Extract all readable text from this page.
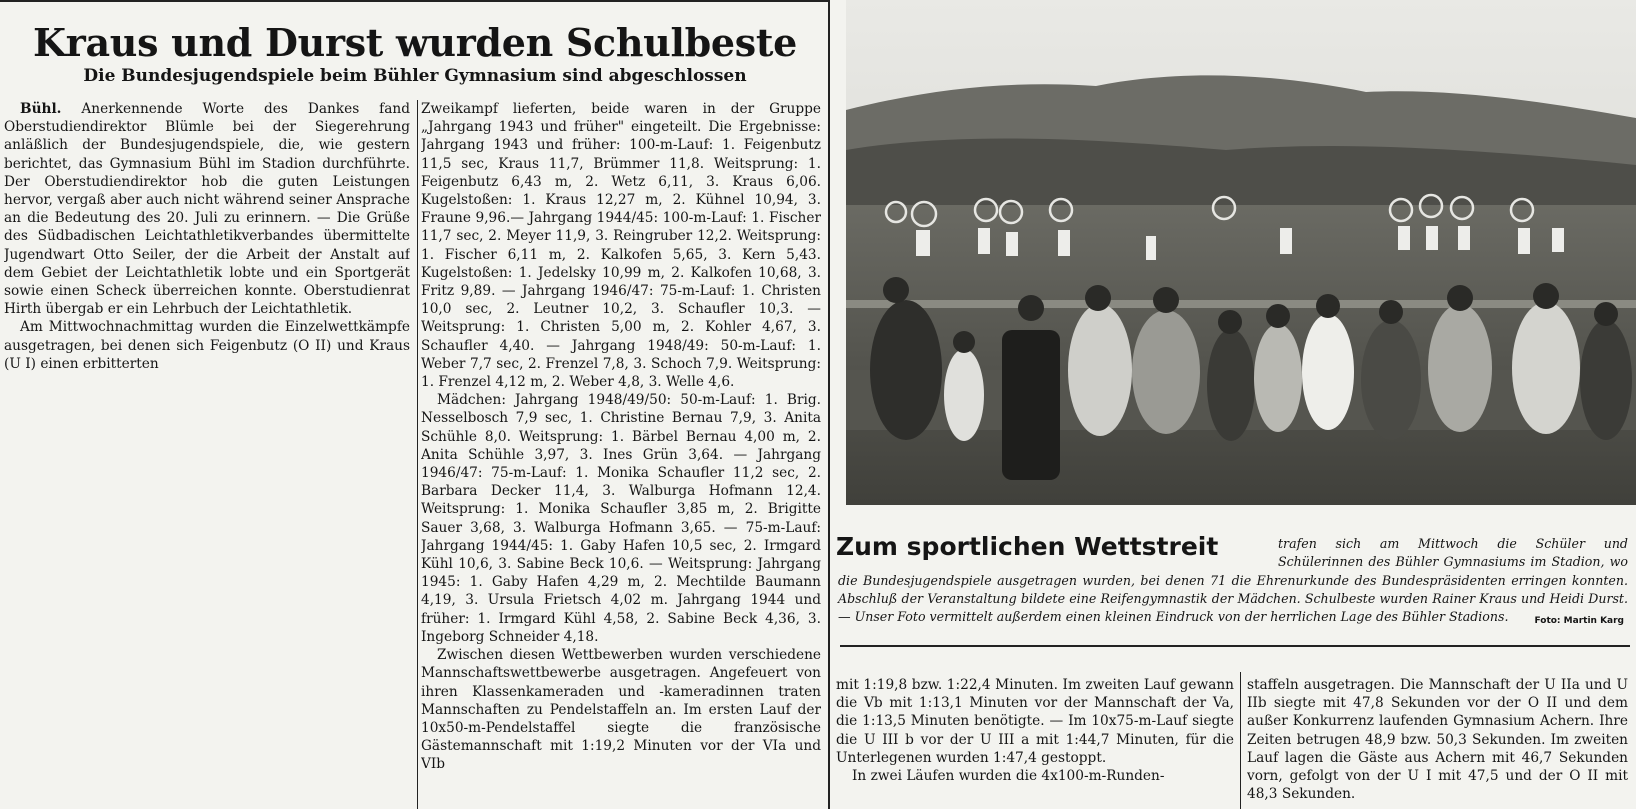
Kraus und Durst wurden Schulbeste
Die Bundesjugendspiele beim Bühler Gymnasium sind abgeschlossen

Bühl. Anerkennende Worte des Dankes fand Oberstudiendirektor Blümle bei der Siegerehrung anläßlich der Bundesjugendspiele, die, wie gestern berichtet, das Gymnasium Bühl im Stadion durchführte. Der Oberstudiendirektor hob die guten Leistungen hervor, vergaß aber auch nicht während seiner Ansprache an die Bedeutung des 20. Juli zu erinnern. — Die Grüße des Südbadischen Leichtathletikverbandes übermittelte Jugendwart Otto Seiler, der die Arbeit der Anstalt auf dem Gebiet der Leichtathletik lobte und ein Sportgerät sowie einen Scheck überreichen konnte. Oberstudienrat Hirth übergab er ein Lehrbuch der Leichtathletik.

Am Mittwochnachmittag wurden die Einzelwettkämpfe ausgetragen, bei denen sich Feigenbutz (O II) und Kraus (U I) einen erbitterten

Zweikampf lieferten, beide waren in der Gruppe „Jahrgang 1943 und früher" eingeteilt. Die Ergebnisse: Jahrgang 1943 und früher: 100-m-Lauf: 1. Feigenbutz 11,5 sec, Kraus 11,7, Brümmer 11,8. Weitsprung: 1. Feigenbutz 6,43 m, 2. Wetz 6,11, 3. Kraus 6,06. Kugelstoßen: 1. Kraus 12,27 m, 2. Kühnel 10,94, 3. Fraune 9,96.— Jahrgang 1944/45: 100-m-Lauf: 1. Fischer 11,7 sec, 2. Meyer 11,9, 3. Reingruber 12,2. Weitsprung: 1. Fischer 6,11 m, 2. Kalkofen 5,65, 3. Kern 5,43. Kugelstoßen: 1. Jedelsky 10,99 m, 2. Kalkofen 10,68, 3. Fritz 9,89. — Jahrgang 1946/47: 75-m-Lauf: 1. Christen 10,0 sec, 2. Leutner 10,2, 3. Schaufler 10,3. — Weitsprung: 1. Christen 5,00 m, 2. Kohler 4,67, 3. Schaufler 4,40. — Jahrgang 1948/49: 50-m-Lauf: 1. Weber 7,7 sec, 2. Frenzel 7,8, 3. Schoch 7,9. Weitsprung: 1. Frenzel 4,12 m, 2. Weber 4,8, 3. Welle 4,6.

Mädchen: Jahrgang 1948/49/50: 50-m-Lauf: 1. Brig. Nesselbosch 7,9 sec, 1. Christine Bernau 7,9, 3. Anita Schühle 8,0. Weitsprung: 1. Bärbel Bernau 4,00 m, 2. Anita Schühle 3,97, 3. Ines Grün 3,64. — Jahrgang 1946/47: 75-m-Lauf: 1. Monika Schaufler 11,2 sec, 2. Barbara Decker 11,4, 3. Walburga Hofmann 12,4. Weitsprung: 1. Monika Schaufler 3,85 m, 2. Brigitte Sauer 3,68, 3. Walburga Hofmann 3,65. — 75-m-Lauf: Jahrgang 1944/45: 1. Gaby Hafen 10,5 sec, 2. Irmgard Kühl 10,6, 3. Sabine Beck 10,6. — Weitsprung: Jahrgang 1945: 1. Gaby Hafen 4,29 m, 2. Mechtilde Baumann 4,19, 3. Ursula Frietsch 4,02 m. Jahrgang 1944 und früher: 1. Irmgard Kühl 4,58, 2. Sabine Beck 4,36, 3. Ingeborg Schneider 4,18.

Zwischen diesen Wettbewerben wurden verschiedene Mannschaftswettbewerbe ausgetragen. Angefeuert von ihren Klassenkameraden und -kameradinnen traten Mannschaften zu Pendelstaffeln an. Im ersten Lauf der 10x50-m-Pendelstaffel siegte die französische Gästemannschaft mit 1:19,2 Minuten vor der VIa und VIb

Zum sportlichen Wettstreit	trafen sich am Mittwoch die Schüler und Schülerinnen des Bühler Gymnasiums im Stadion, wo die Bundesjugendspiele ausgetragen wurden, bei denen 71 die Ehrenurkunde des Bundespräsidenten erringen konnten. Abschluß der Veranstaltung bildete eine Reifengymnastik der Mädchen. Schulbeste wurden Rainer Kraus und Heidi Durst. — Unser Foto vermittelt außerdem einen kleinen Eindruck von der herrlichen Lage des Bühler Stadions.	Foto: Martin Karg

mit 1:19,8 bzw. 1:22,4 Minuten. Im zweiten Lauf gewann die Vb mit 1:13,1 Minuten vor der Mannschaft der Va, die 1:13,5 Minuten benötigte. — Im 10x75-m-Lauf siegte die U III b vor der U III a mit 1:44,7 Minuten, für die Unterlegenen wurden 1:47,4 gestoppt.

In zwei Läufen wurden die 4x100-m-Runden-

staffeln ausgetragen. Die Mannschaft der U IIa und U IIb siegte mit 47,8 Sekunden vor der O II und dem außer Konkurrenz laufenden Gymnasium Achern. Ihre Zeiten betrugen 48,9 bzw. 50,3 Sekunden. Im zweiten Lauf lagen die Gäste aus Achern mit 46,7 Sekunden vorn, gefolgt von der U I mit 47,5 und der O II mit 48,3 Sekunden.
